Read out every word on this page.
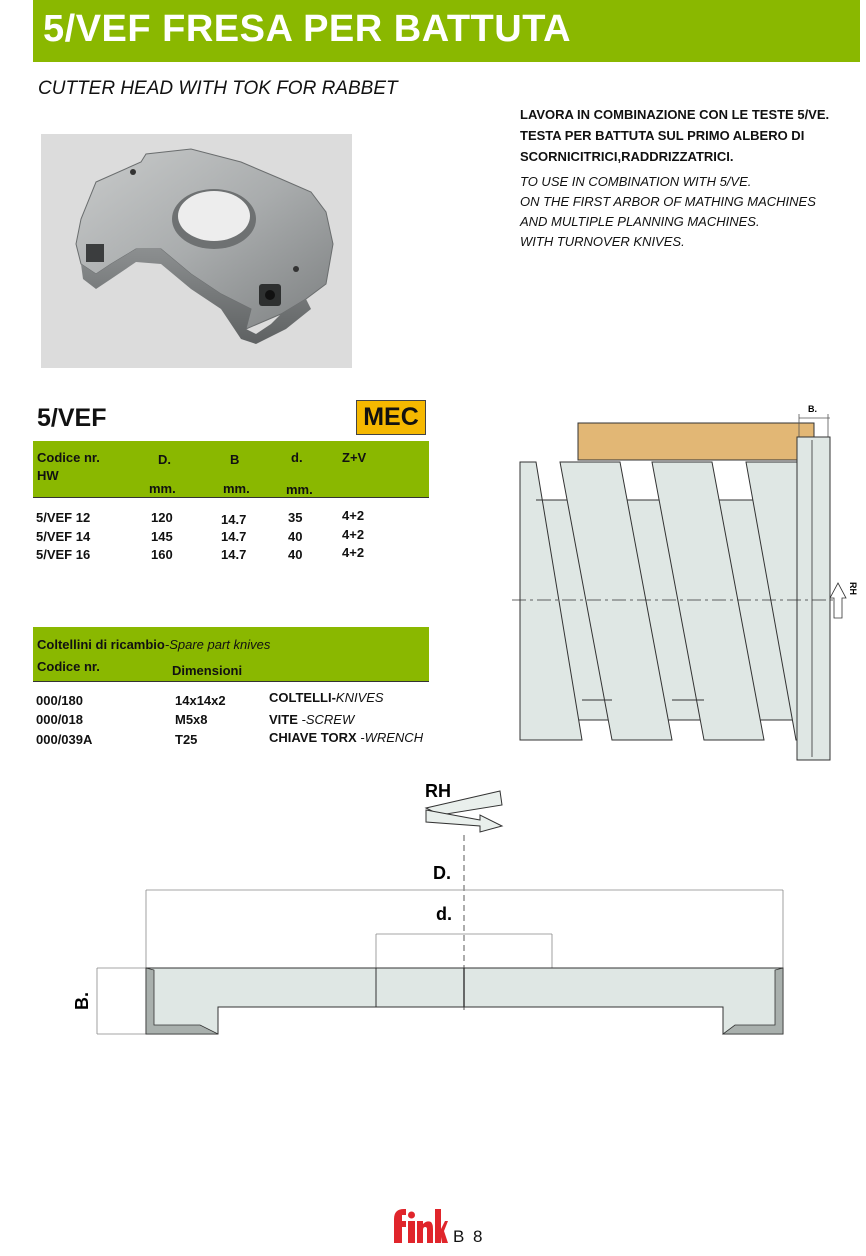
5/VEF FRESA PER BATTUTA
CUTTER HEAD WITH TOK FOR RABBET
LAVORA IN COMBINAZIONE CON LE TESTE 5/VE.
TESTA PER BATTUTA SUL PRIMO ALBERO DI
SCORNICITRICI,RADDRIZZATRICI.
TO USE IN COMBINATION WITH 5/VE.
ON THE FIRST ARBOR OF MATHING MACHINES
AND MULTIPLE PLANNING MACHINES.
WITH TURNOVER KNIVES.
5/VEF	MEC
Codice nr.
HW
D.	B	d.	Z+V
mm.	mm.	mm.
5/VEF 12	120	14.7	35	4+2
5/VEF 14	145	14.7	40	4+2
5/VEF 16	160	14.7	40	4+2
Coltellini di ricambio-Spare part knives
Codice nr.	Dimensioni
000/180	14x14x2	COLTELLI-KNIVES
000/018	M5x8	VITE -SCREW
000/039A	T25	CHIAVE TORX -WRENCH
B.
RH
RH
D.
d.
B.
fink
B 8
